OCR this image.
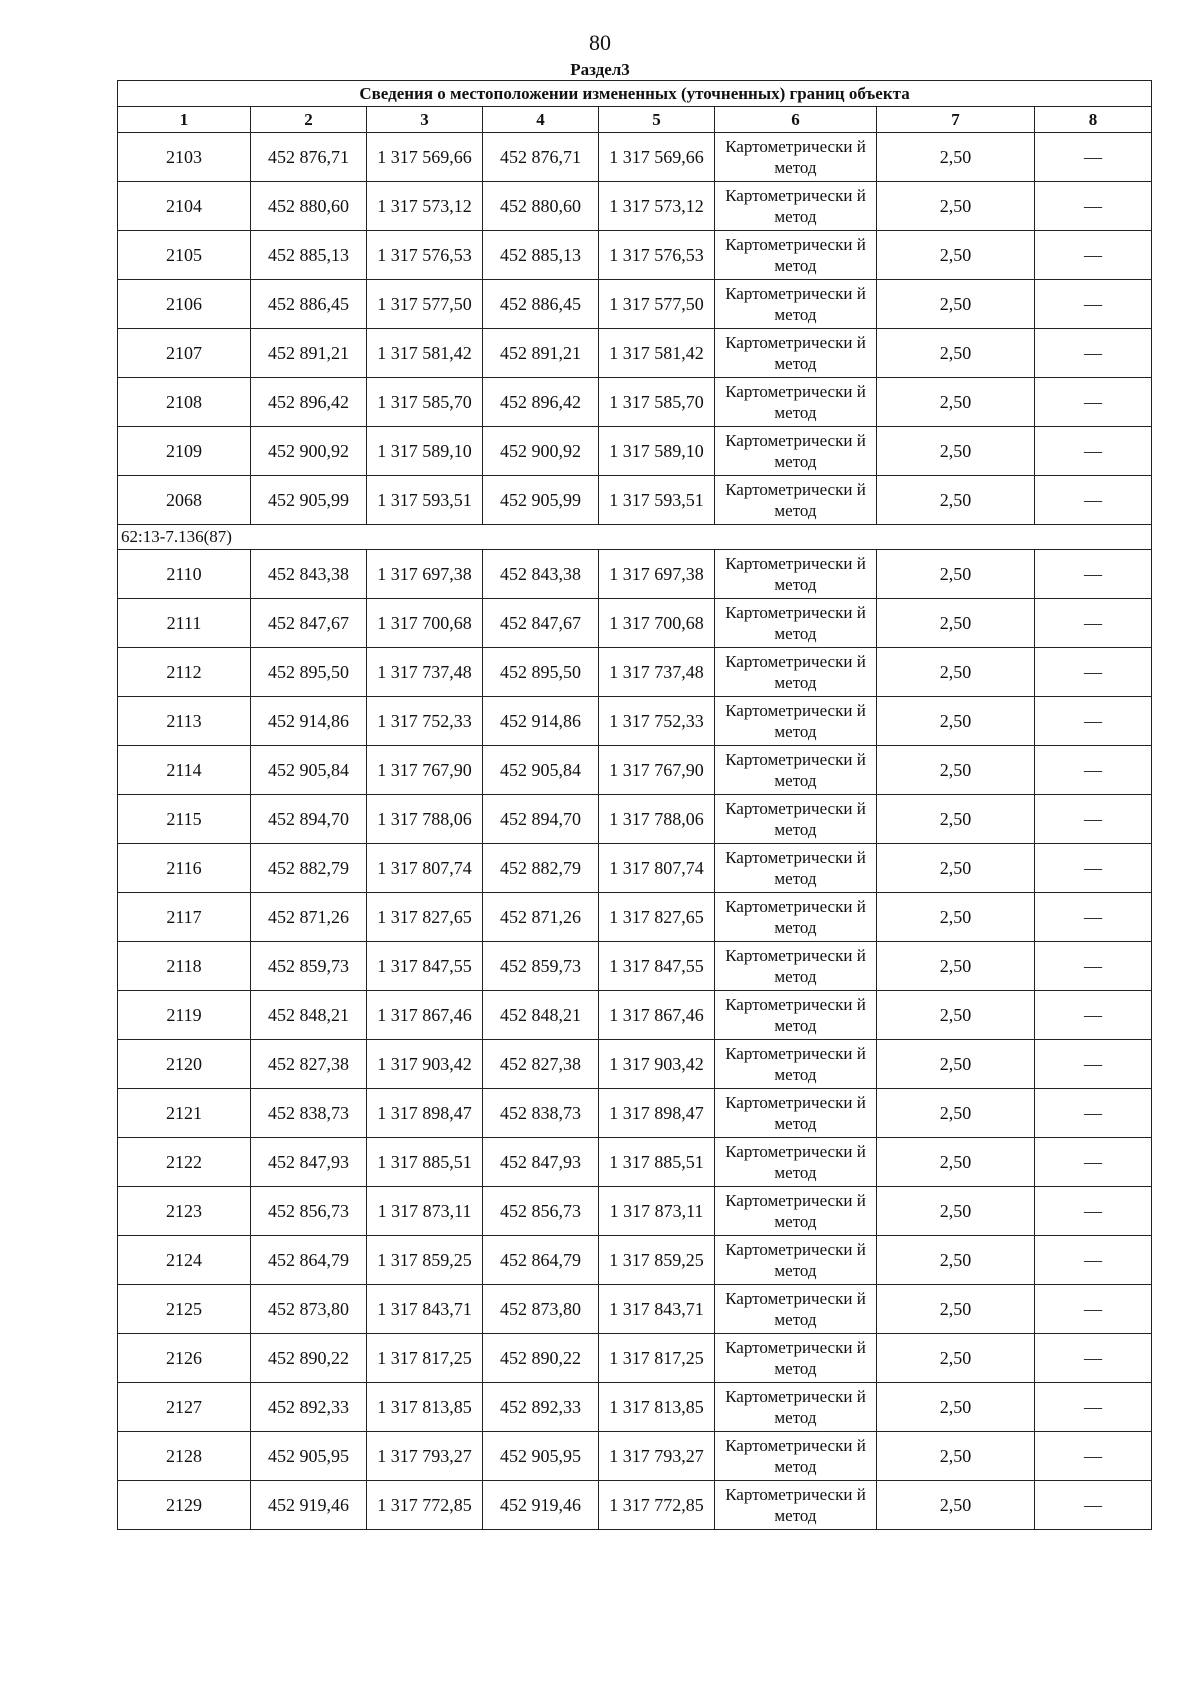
80
Раздел3
Сведения о местоположении измененных (уточненных) границ объекта							
1	2	3	4	5	6	7	8
2103	452 876,71	1 317 569,66	452 876,71	1 317 569,66	Картометрически й метод	2,50	—
2104	452 880,60	1 317 573,12	452 880,60	1 317 573,12	Картометрически й метод	2,50	—
2105	452 885,13	1 317 576,53	452 885,13	1 317 576,53	Картометрически й метод	2,50	—
2106	452 886,45	1 317 577,50	452 886,45	1 317 577,50	Картометрически й метод	2,50	—
2107	452 891,21	1 317 581,42	452 891,21	1 317 581,42	Картометрически й метод	2,50	—
2108	452 896,42	1 317 585,70	452 896,42	1 317 585,70	Картометрически й метод	2,50	—
2109	452 900,92	1 317 589,10	452 900,92	1 317 589,10	Картометрически й метод	2,50	—
2068	452 905,99	1 317 593,51	452 905,99	1 317 593,51	Картометрически й метод	2,50	—
62:13-7.136(87)							
2110	452 843,38	1 317 697,38	452 843,38	1 317 697,38	Картометрически й метод	2,50	—
2111	452 847,67	1 317 700,68	452 847,67	1 317 700,68	Картометрически й метод	2,50	—
2112	452 895,50	1 317 737,48	452 895,50	1 317 737,48	Картометрически й метод	2,50	—
2113	452 914,86	1 317 752,33	452 914,86	1 317 752,33	Картометрически й метод	2,50	—
2114	452 905,84	1 317 767,90	452 905,84	1 317 767,90	Картометрически й метод	2,50	—
2115	452 894,70	1 317 788,06	452 894,70	1 317 788,06	Картометрически й метод	2,50	—
2116	452 882,79	1 317 807,74	452 882,79	1 317 807,74	Картометрически й метод	2,50	—
2117	452 871,26	1 317 827,65	452 871,26	1 317 827,65	Картометрически й метод	2,50	—
2118	452 859,73	1 317 847,55	452 859,73	1 317 847,55	Картометрически й метод	2,50	—
2119	452 848,21	1 317 867,46	452 848,21	1 317 867,46	Картометрически й метод	2,50	—
2120	452 827,38	1 317 903,42	452 827,38	1 317 903,42	Картометрически й метод	2,50	—
2121	452 838,73	1 317 898,47	452 838,73	1 317 898,47	Картометрически й метод	2,50	—
2122	452 847,93	1 317 885,51	452 847,93	1 317 885,51	Картометрически й метод	2,50	—
2123	452 856,73	1 317 873,11	452 856,73	1 317 873,11	Картометрически й метод	2,50	—
2124	452 864,79	1 317 859,25	452 864,79	1 317 859,25	Картометрически й метод	2,50	—
2125	452 873,80	1 317 843,71	452 873,80	1 317 843,71	Картометрически й метод	2,50	—
2126	452 890,22	1 317 817,25	452 890,22	1 317 817,25	Картометрически й метод	2,50	—
2127	452 892,33	1 317 813,85	452 892,33	1 317 813,85	Картометрически й метод	2,50	—
2128	452 905,95	1 317 793,27	452 905,95	1 317 793,27	Картометрически й метод	2,50	—
2129	452 919,46	1 317 772,85	452 919,46	1 317 772,85	Картометрически й метод	2,50	—
